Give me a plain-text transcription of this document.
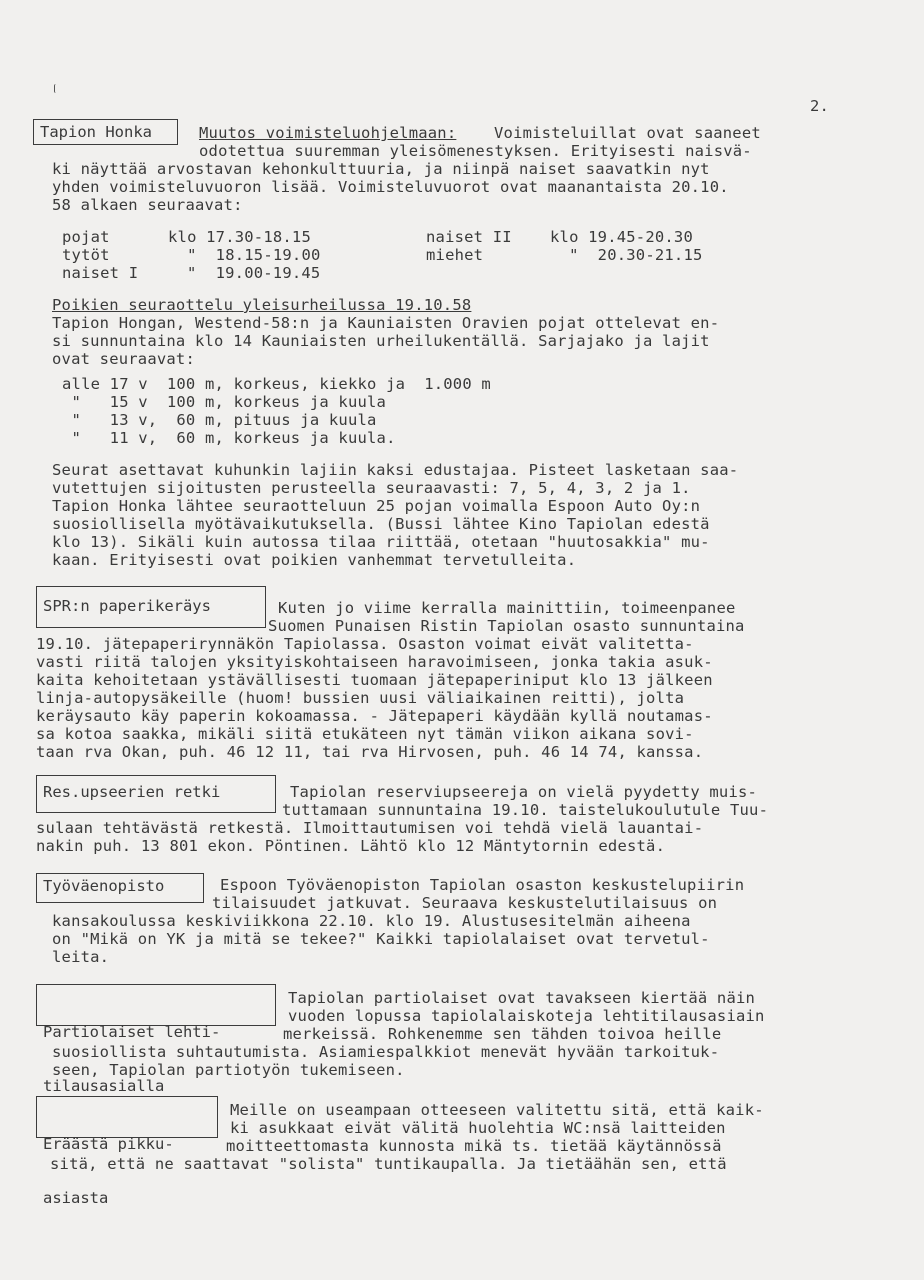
2.
Tapion Honka	Muutos voimisteluohjelmaan: Voimisteluillat ovat saaneet
odotettua suuremman yleisömenestyksen. Erityisesti naisvä-
ki näyttää arvostavan kehonkulttuuria, ja niinpä naiset saavatkin nyt
yhden voimisteluvuoron lisää. Voimisteluvuorot ovat maanantaista 20.10.
58 alkaen seuraavat:
pojat	klo 17.30-18.15
tytöt	"  18.15-19.00
naiset I	"  19.00-19.45
naiset II klo 19.45-20.30
miehet	"  20.30-21.15
Poikien seuraottelu yleisurheilussa 19.10.58
Tapion Hongan, Westend-58:n ja Kauniaisten Oravien pojat ottelevat en-
si sunnuntaina klo 14 Kauniaisten urheilukentällä. Sarjajako ja lajit
ovat seuraavat:
alle 17 v  100 m, korkeus, kiekko ja  1.000 m
"   15 v  100 m, korkeus ja kuula
"   13 v,  60 m, pituus ja kuula
"   11 v,  60 m, korkeus ja kuula.
Seurat asettavat kuhunkin lajiin kaksi edustajaa. Pisteet lasketaan saa-
vutettujen sijoitusten perusteella seuraavasti: 7, 5, 4, 3, 2 ja 1.
Tapion Honka lähtee seuraotteluun 25 pojan voimalla Espoon Auto Oy:n
suosiollisella myötävaikutuksella. (Bussi lähtee Kino Tapiolan edestä
klo 13). Sikäli kuin autossa tilaa riittää, otetaan "huutosakkia" mu-
kaan. Erityisesti ovat poikien vanhemmat tervetulleita.
SPR:n paperikeräys	Kuten jo viime kerralla mainittiin, toimeenpanee
Suomen Punaisen Ristin Tapiolan osasto sunnuntaina
19.10. jätepaperirynnäkön Tapiolassa. Osaston voimat eivät valitetta-
vasti riitä talojen yksityiskohtaiseen haravoimiseen, jonka takia asuk-
kaita kehoitetaan ystävällisesti tuomaan jätepaperiniput klo 13 jälkeen
linja-autopysäkeille (huom! bussien uusi väliaikainen reitti), jolta
keräysauto käy paperin kokoamassa. - Jätepaperi käydään kyllä noutamas-
sa kotoa saakka, mikäli siitä etukäteen nyt tämän viikon aikana sovi-
taan rva Okan, puh. 46 12 11, tai rva Hirvosen, puh. 46 14 74, kanssa.
Res.upseerien retki	Tapiolan reserviupseereja on vielä pyydetty muis-
tuttamaan sunnuntaina 19.10. taistelukoulutule Tuu-
sulaan tehtävästä retkestä. Ilmoittautumisen voi tehdä vielä lauantai-
nakin puh. 13 801 ekon. Pöntinen. Lähtö klo 12 Mäntytornin edestä.
Työväenopisto	Espoon Työväenopiston Tapiolan osaston keskustelupiirin
tilaisuudet jatkuvat. Seuraava keskustelutilaisuus on
kansakoulussa keskiviikkona 22.10. klo 19. Alustusesitelmän aiheena
on "Mikä on YK ja mitä se tekee?" Kaikki tapiolalaiset ovat tervetul-
leita.

Partiolaiset lehti-

tilausasialla

Tapiolan partiolaiset ovat tavakseen kiertää näin
vuoden lopussa tapiolalaiskoteja lehtitilausasiain
merkeissä. Rohkenemme sen tähden toivoa heille
suosiollista suhtautumista. Asiamiespalkkiot menevät hyvään tarkoituk-
seen, Tapiolan partiotyön tukemiseen.

Eräästä pikku-

asiasta

Meille on useampaan otteeseen valitettu sitä, että kaik-
ki asukkaat eivät välitä huolehtia WC:nsä laitteiden
moitteettomasta kunnosta mikä ts. tietää käytännössä
sitä, että ne saattavat "solista" tuntikaupalla. Ja tietäähän sen, että
